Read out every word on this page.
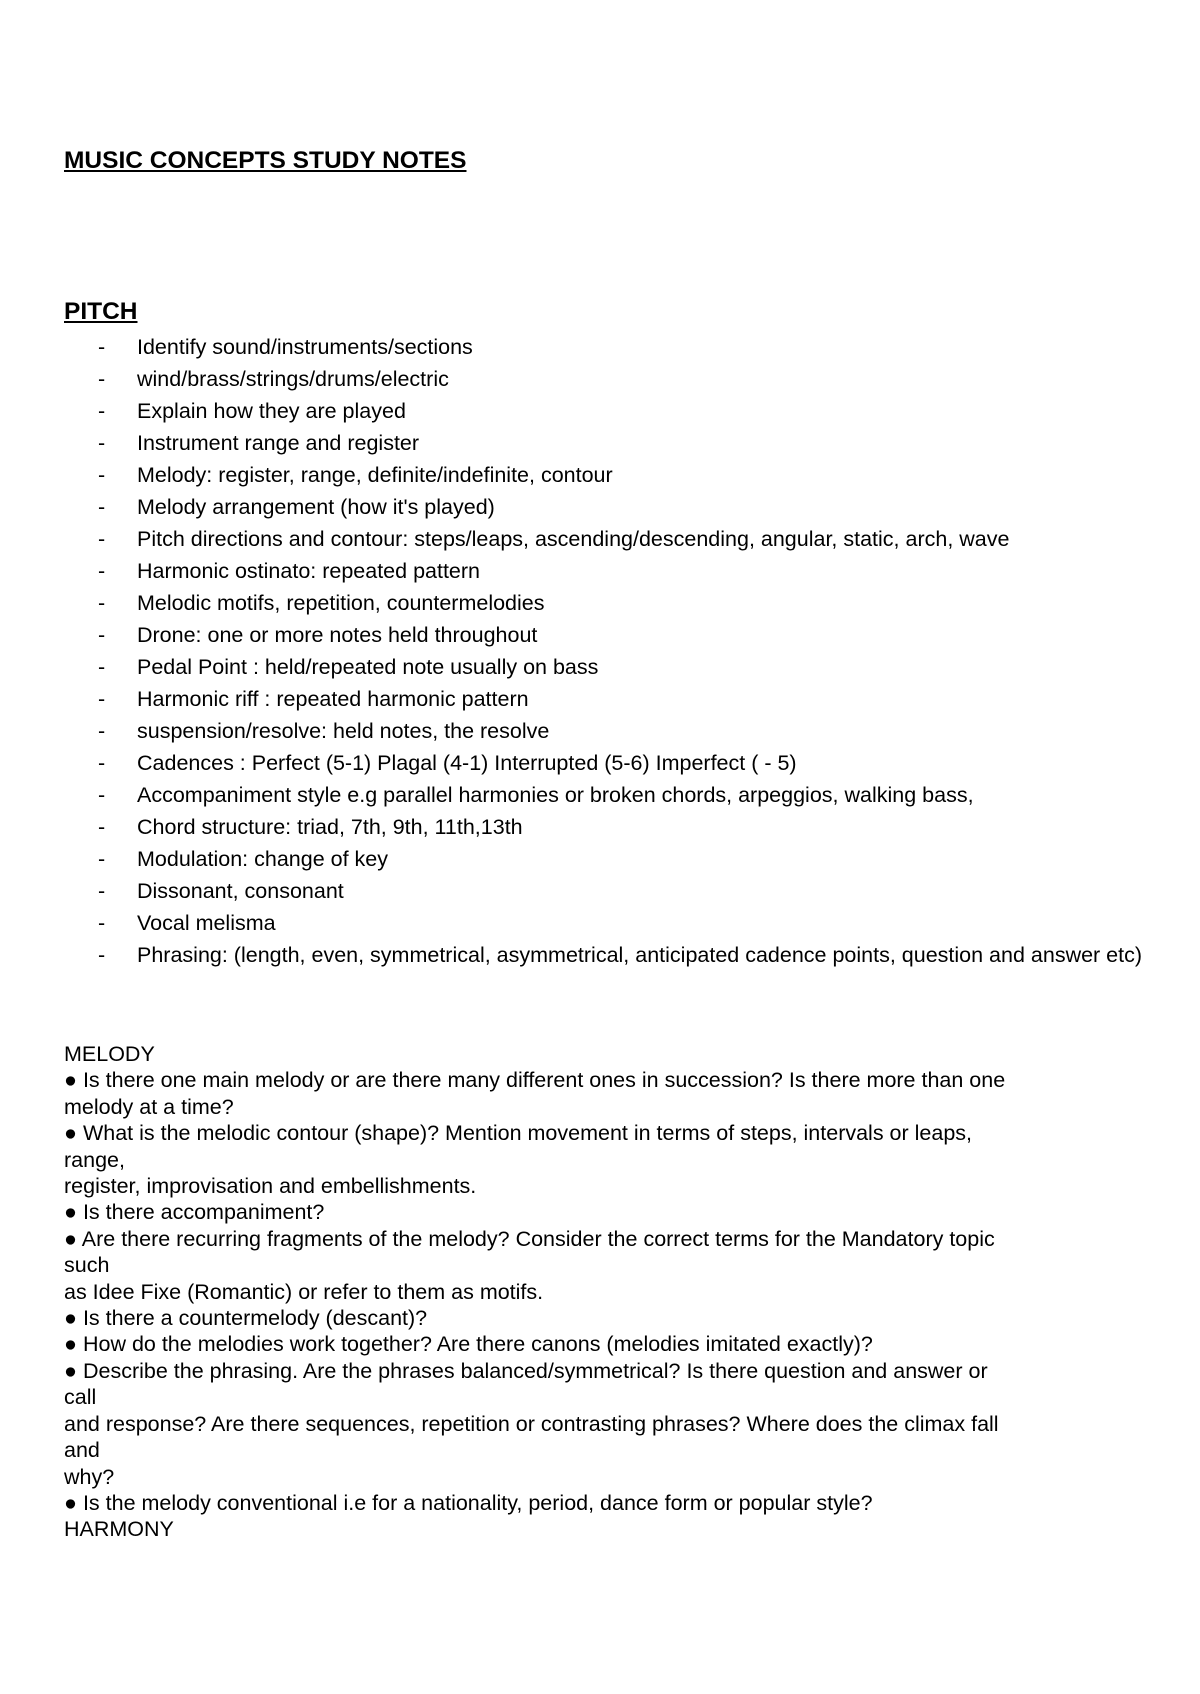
MUSIC CONCEPTS STUDY NOTES
PITCH
- Identify sound/instruments/sections
- wind/brass/strings/drums/electric
- Explain how they are played
- Instrument range and register
- Melody: register, range, definite/indefinite, contour
- Melody arrangement (how it's played)
- Pitch directions and contour: steps/leaps, ascending/descending, angular, static, arch, wave
- Harmonic ostinato: repeated pattern
- Melodic motifs, repetition, countermelodies
- Drone: one or more notes held throughout
- Pedal Point : held/repeated note usually on bass
- Harmonic riff : repeated harmonic pattern
- suspension/resolve: held notes, the resolve
- Cadences : Perfect (5-1) Plagal (4-1) Interrupted (5-6) Imperfect ( - 5)
- Accompaniment style e.g parallel harmonies or broken chords, arpeggios, walking bass,
- Chord structure: triad, 7th, 9th, 11th,13th
- Modulation: change of key
- Dissonant, consonant
- Vocal melisma
- Phrasing: (length, even, symmetrical, asymmetrical, anticipated cadence points, question and answer etc)
MELODY
● Is there one main melody or are there many different ones in succession? Is there more than one
melody at a time?
● What is the melodic contour (shape)? Mention movement in terms of steps, intervals or leaps,
range,
register, improvisation and embellishments.
● Is there accompaniment?
● Are there recurring fragments of the melody? Consider the correct terms for the Mandatory topic
such
as Idee Fixe (Romantic) or refer to them as motifs.
● Is there a countermelody (descant)?
● How do the melodies work together? Are there canons (melodies imitated exactly)?
● Describe the phrasing. Are the phrases balanced/symmetrical? Is there question and answer or
call
and response? Are there sequences, repetition or contrasting phrases? Where does the climax fall
and
why?
● Is the melody conventional i.e for a nationality, period, dance form or popular style?
HARMONY
